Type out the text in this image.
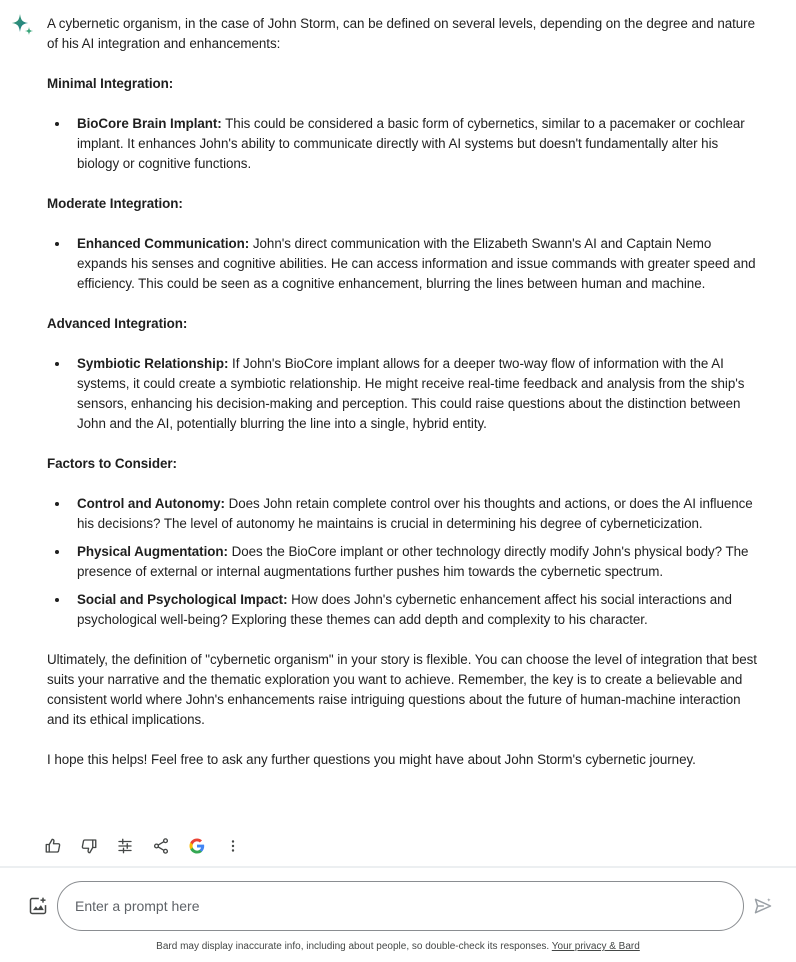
A cybernetic organism, in the case of John Storm, can be defined on several levels, depending on the degree and nature of his AI integration and enhancements:

Minimal Integration:

BioCore Brain Implant: This could be considered a basic form of cybernetics, similar to a pacemaker or cochlear implant. It enhances John's ability to communicate directly with AI systems but doesn't fundamentally alter his biology or cognitive functions.

Moderate Integration:

Enhanced Communication: John's direct communication with the Elizabeth Swann's AI and Captain Nemo expands his senses and cognitive abilities. He can access information and issue commands with greater speed and efficiency. This could be seen as a cognitive enhancement, blurring the lines between human and machine.

Advanced Integration:

Symbiotic Relationship: If John's BioCore implant allows for a deeper two-way flow of information with the AI systems, it could create a symbiotic relationship. He might receive real-time feedback and analysis from the ship's sensors, enhancing his decision-making and perception. This could raise questions about the distinction between John and the AI, potentially blurring the line into a single, hybrid entity.

Factors to Consider:

Control and Autonomy: Does John retain complete control over his thoughts and actions, or does the AI influence his decisions? The level of autonomy he maintains is crucial in determining his degree of cyberneticization.
Physical Augmentation: Does the BioCore implant or other technology directly modify John's physical body? The presence of external or internal augmentations further pushes him towards the cybernetic spectrum.
Social and Psychological Impact: How does John's cybernetic enhancement affect his social interactions and psychological well-being? Exploring these themes can add depth and complexity to his character.

Ultimately, the definition of "cybernetic organism" in your story is flexible. You can choose the level of integration that best suits your narrative and the thematic exploration you want to achieve. Remember, the key is to create a believable and consistent world where John's enhancements raise intriguing questions about the future of human-machine interaction and its ethical implications.

I hope this helps! Feel free to ask any further questions you might have about John Storm's cybernetic journey.

Enter a prompt here
Bard may display inaccurate info, including about people, so double-check its responses. Your privacy & Bard
